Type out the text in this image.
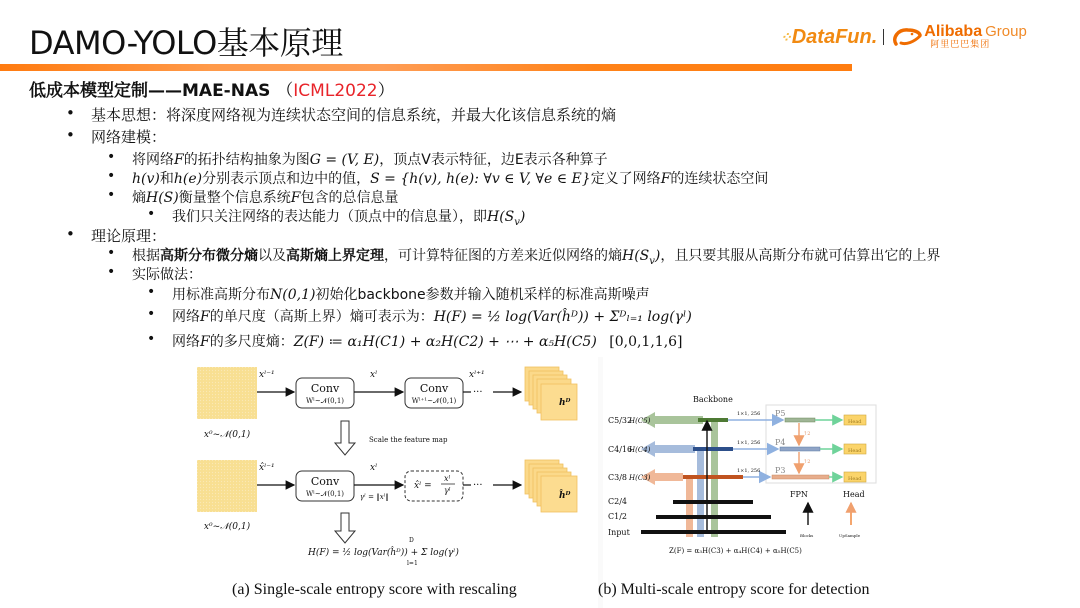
DAMO-YOLO基本原理	⁘ DataFun.	Alibaba Group
阿里巴巴集团
低成本模型定制——MAE-NAS （ICML2022）
• 基本思想：将深度网络视为连续状态空间的信息系统，并最大化该信息系统的熵
• 网络建模：
• 将网络F的拓扑结构抽象为图G = (V, E)，顶点V表示特征，边E表示各种算子
• h(v)和h(e)分别表示顶点和边中的值，S = {h(v), h(e): ∀v ∈ V, ∀e ∈ E}定义了网络F的连续状态空间
• 熵H(S)衡量整个信息系统F包含的总信息量
• 我们只关注网络的表达能力（顶点中的信息量），即$H(S_v)$
• 理论原理：
• 根据高斯分布微分熵以及高斯熵上界定理，可计算特征图的方差来近似网络的熵$H(S_v)$，且只要其服从高斯分布就可估算出它的上界
• 实际做法：
• 用标准高斯分布N(0,1)初始化backbone参数并输入随机采样的标准高斯噪声
• 网络F的单尺度（高斯上界）熵可表示为：H(F) = ½ log(Var(ĥᴰ)) + Σᴰₗ₌₁ log(γˡ)
• 网络F的多尺度熵：Z(F) ≔ α₁H(C1) + α₂H(C2) + ⋯ + α₅H(C5) [0,0,1,1,6]
xˡ⁻¹	xˡ	xˡ⁺¹
Conv
Wˡ~𝒩(0,1)
Conv
Wˡ⁺¹~𝒩(0,1)
···
hᴰ
x⁰~𝒩(0,1)	Scale the feature map
x̂ˡ⁻¹	xˡ
Conv
Wˡ~𝒩(0,1) γˡ = ‖xˡ‖
x̂ˡ =
xˡ
γˡ ···
ĥᴰ
x⁰~𝒩(0,1)
H(F) = ½ log(Var(ĥᴰ)) + Σ log(γˡ)
D
l=1
Backbone
C5/32
H(C5)
C4/16
H(C4)
C3/8 H(C3)
C2/4
C1/2
Input
1×1, 256
1×1, 256
1×1, 256
P5
P4
P3
↑2
↑2
Head
Head
Head
FPN	Head
Blocks	UpSample
Z(F) = α₃H(C3) + α₄H(C4) + α₅H(C5)
(a) Single-scale entropy score with rescaling	(b) Multi-scale entropy score for detection
